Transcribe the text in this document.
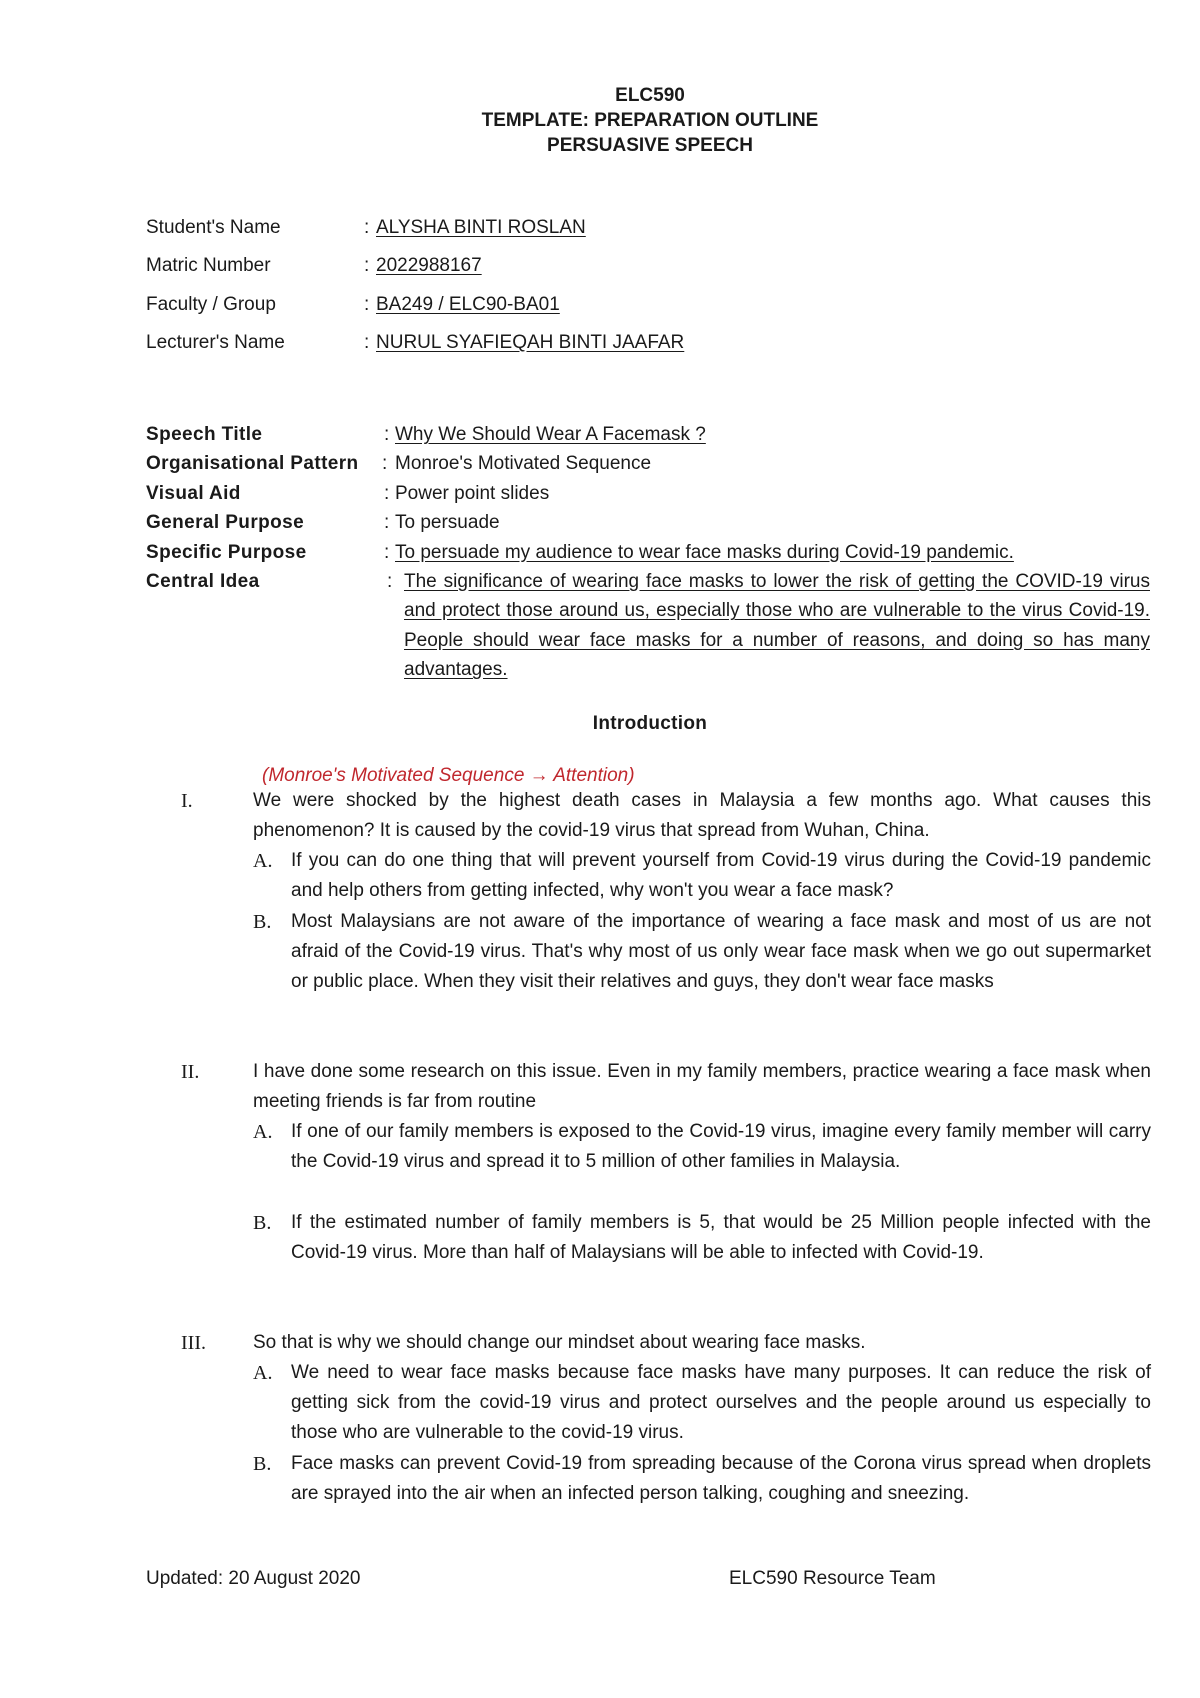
ELC590
TEMPLATE: PREPARATION OUTLINE
PERSUASIVE SPEECH
Student's Name	: ALYSHA BINTI ROSLAN
Matric Number	: 2022988167
Faculty / Group	: BA249 / ELC90-BA01
Lecturer's Name	: NURUL SYAFIEQAH BINTI JAAFAR
Speech Title	: Why We Should Wear A Facemask ?
Organisational Pattern : Monroe's Motivated Sequence
Visual Aid	: Power point slides
General Purpose	: To persuade
Specific Purpose	: To persuade my audience to wear face masks during Covid-19 pandemic.
Central Idea	: The significance of wearing face masks to lower the risk of getting the COVID-19 virus and protect those around us, especially those who are vulnerable to the virus Covid-19. People should wear face masks for a number of reasons, and doing so has many advantages.
Introduction
(Monroe's Motivated Sequence → Attention)
I.	We were shocked by the highest death cases in Malaysia a few months ago. What causes this phenomenon? It is caused by the covid-19 virus that spread from Wuhan, China.
A. If you can do one thing that will prevent yourself from Covid-19 virus during the Covid-19 pandemic and help others from getting infected, why won't you wear a face mask?
B. Most Malaysians are not aware of the importance of wearing a face mask and most of us are not afraid of the Covid-19 virus. That's why most of us only wear face mask when we go out supermarket or public place. When they visit their relatives and guys, they don't wear face masks
II.	I have done some research on this issue. Even in my family members, practice wearing a face mask when meeting friends is far from routine
A. If one of our family members is exposed to the Covid-19 virus, imagine every family member will carry the Covid-19 virus and spread it to 5 million of other families in Malaysia.
B. If the estimated number of family members is 5, that would be 25 Million people infected with the Covid-19 virus. More than half of Malaysians will be able to infected with Covid-19.
III. So that is why we should change our mindset about wearing face masks.
A. We need to wear face masks because face masks have many purposes. It can reduce the risk of getting sick from the covid-19 virus and protect ourselves and the people around us especially to those who are vulnerable to the covid-19 virus.
B. Face masks can prevent Covid-19 from spreading because of the Corona virus spread when droplets are sprayed into the air when an infected person talking, coughing and sneezing.
Updated: 20 August 2020	ELC590 Resource Team
